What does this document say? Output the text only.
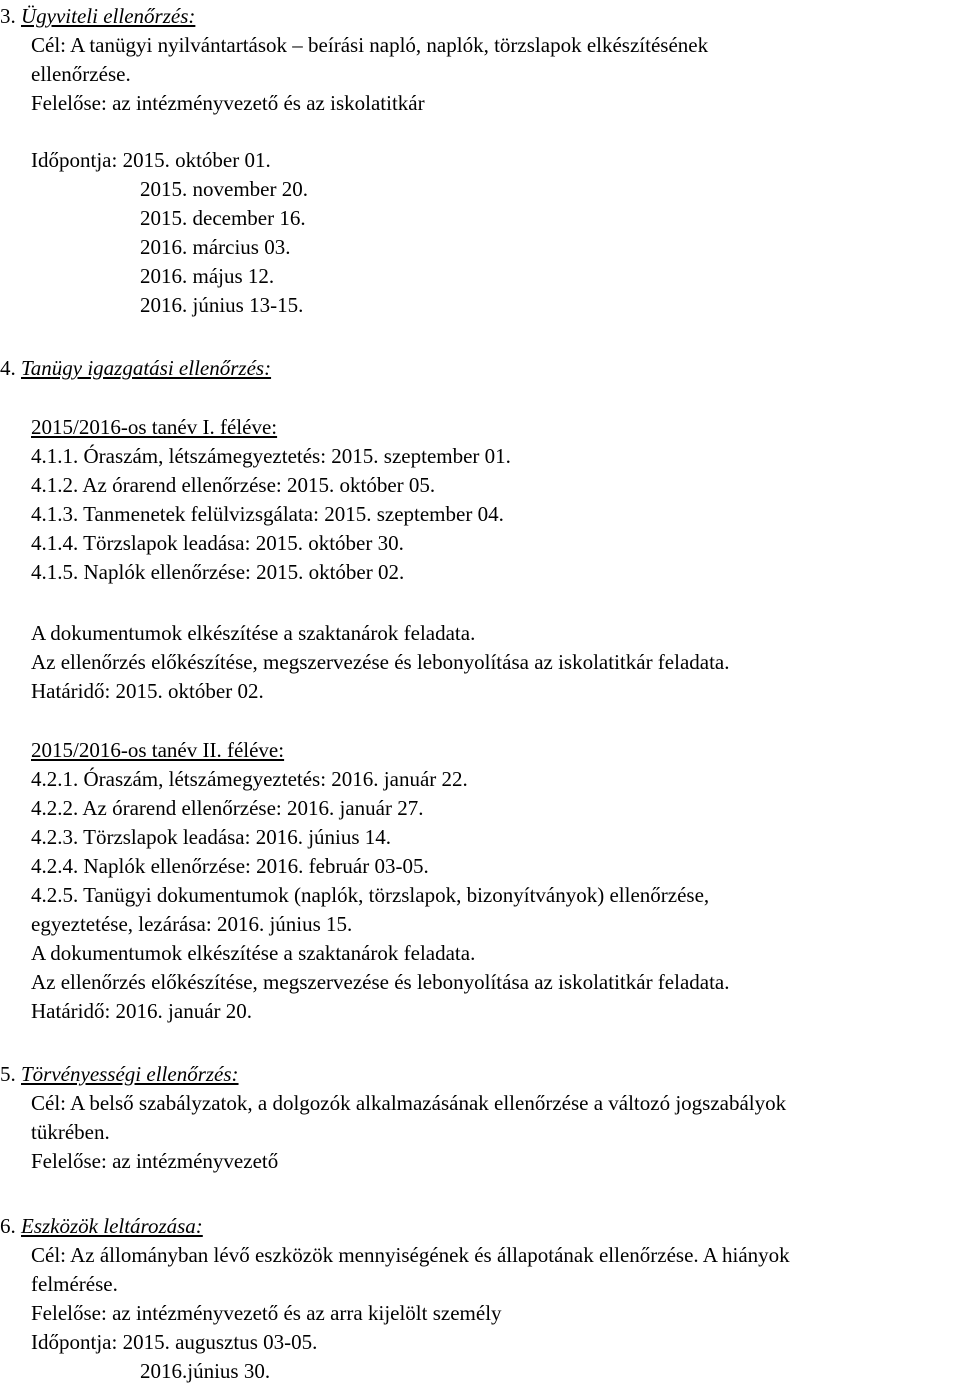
3. Ügyviteli ellenőrzés:
Cél: A tanügyi nyilvántartások – beírási napló, naplók, törzslapok elkészítésének
ellenőrzése.
Felelőse: az intézményvezető és az iskolatitkár
Időpontja: 2015. október 01.
2015. november 20.
2015. december 16.
2016. március 03.
2016. május 12.
2016. június 13-15.
4. Tanügy igazgatási ellenőrzés:
2015/2016-os tanév I. féléve:
4.1.1. Óraszám, létszámegyeztetés: 2015. szeptember 01.
4.1.2. Az órarend ellenőrzése: 2015. október 05.
4.1.3. Tanmenetek felülvizsgálata: 2015. szeptember 04.
4.1.4. Törzslapok leadása: 2015. október 30.
4.1.5. Naplók ellenőrzése: 2015. október 02.
A dokumentumok elkészítése a szaktanárok feladata.
Az ellenőrzés előkészítése, megszervezése és lebonyolítása az iskolatitkár feladata.
Határidő: 2015. október 02.
2015/2016-os tanév II. féléve:
4.2.1. Óraszám, létszámegyeztetés: 2016. január 22.
4.2.2. Az órarend ellenőrzése: 2016. január 27.
4.2.3. Törzslapok leadása: 2016. június 14.
4.2.4. Naplók ellenőrzése: 2016. február 03-05.
4.2.5. Tanügyi dokumentumok (naplók, törzslapok, bizonyítványok) ellenőrzése,
egyeztetése, lezárása: 2016. június 15.
A dokumentumok elkészítése a szaktanárok feladata.
Az ellenőrzés előkészítése, megszervezése és lebonyolítása az iskolatitkár feladata.
Határidő: 2016. január 20.
5. Törvényességi ellenőrzés:
Cél: A belső szabályzatok, a dolgozók alkalmazásának ellenőrzése a változó jogszabályok
tükrében.
Felelőse: az intézményvezető
6. Eszközök leltározása:
Cél: Az állományban lévő eszközök mennyiségének és állapotának ellenőrzése. A hiányok
felmérése.
Felelőse: az intézményvezető és az arra kijelölt személy
Időpontja: 2015. augusztus 03-05.
2016.június 30.
